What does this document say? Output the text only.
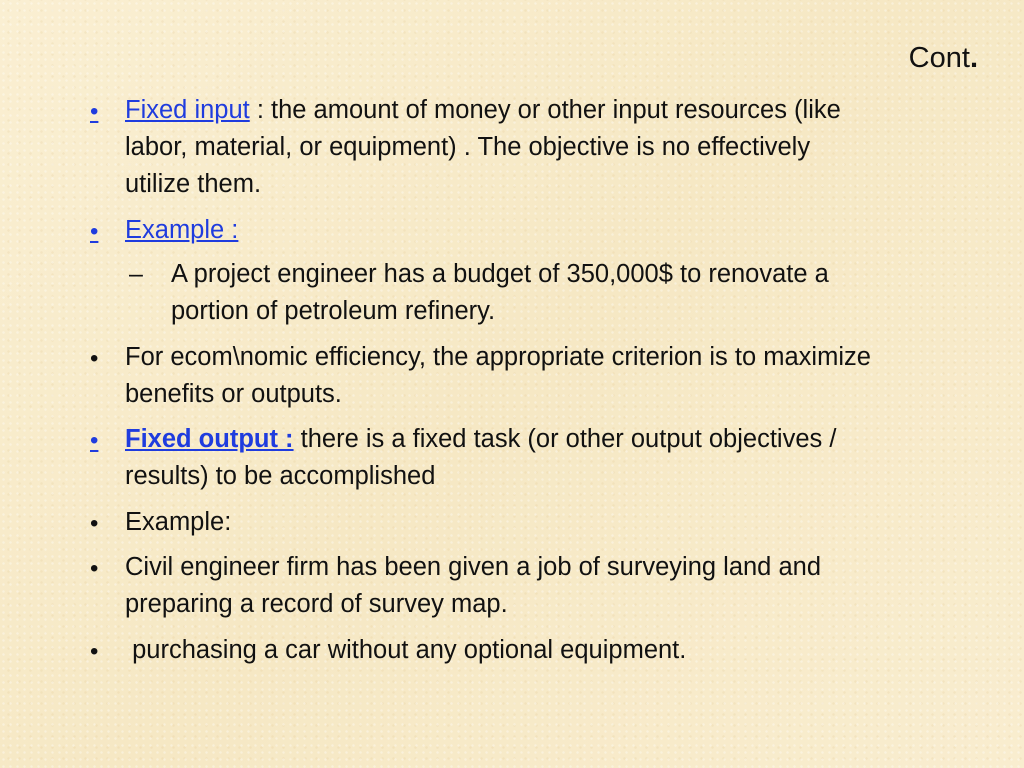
Cont.
• Fixed input : the amount of money or other input resources (like
labor, material, or equipment) . The objective is no effectively
utilize them.
• Example :
– A project engineer has a budget of 350,000$ to renovate a
portion of petroleum refinery.
• For ecom\nomic efficiency, the appropriate criterion is to maximize
benefits or outputs.
• Fixed output : there is a fixed task (or other output objectives /
results) to be accomplished
• Example:
• Civil engineer firm has been given a job of surveying land and
preparing a record of survey map.
• purchasing a car without any optional equipment.
